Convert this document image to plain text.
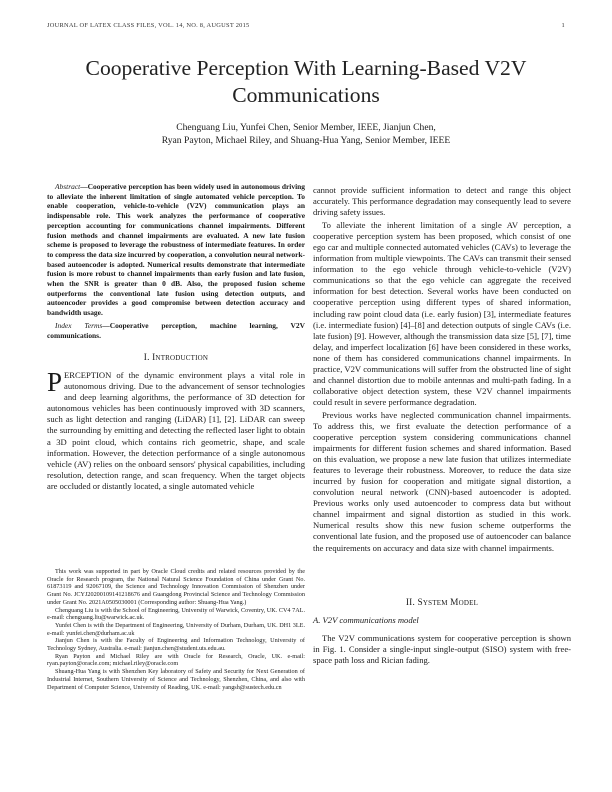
JOURNAL OF LATEX CLASS FILES, VOL. 14, NO. 8, AUGUST 2015	1
Cooperative Perception With Learning-Based V2V Communications
Chenguang Liu, Yunfei Chen, Senior Member, IEEE, Jianjun Chen,
Ryan Payton, Michael Riley, and Shuang-Hua Yang, Senior Member, IEEE

Abstract—Cooperative perception has been widely used in autonomous driving to alleviate the inherent limitation of single automated vehicle perception. To enable cooperation, vehicle-to-vehicle (V2V) communication plays an indispensable role. This work analyzes the performance of cooperative perception accounting for communications channel impairments. Different fusion methods and channel impairments are evaluated. A new late fusion scheme is proposed to leverage the robustness of intermediate features. In order to compress the data size incurred by cooperation, a convolution neural network-based autoencoder is adopted. Numerical results demonstrate that intermediate fusion is more robust to channel impairments than early fusion and late fusion, when the SNR is greater than 0 dB. Also, the proposed fusion scheme outperforms the conventional late fusion using detection outputs, and autoencoder provides a good compromise between detection accuracy and bandwidth usage.

Index Terms—Cooperative perception, machine learning, V2V communications.

I. Introduction

PERCEPTION of the dynamic environment plays a vital role in autonomous driving. Due to the advancement of sensor technologies and deep learning algorithms, the performance of 3D detection for autonomous vehicles has been continuously improved with 3D scanners, such as light detection and ranging (LiDAR) [1], [2]. LiDAR can sweep the surrounding by emitting and detecting the reflected laser light to obtain a 3D point cloud, which contains rich geometric, shape, and scale information. However, the detection performance of a single autonomous vehicle (AV) relies on the onboard sensors' physical capabilities, including resolution, detection range, and scan frequency. When the target objects are occluded or distantly located, a single automated vehicle

This work was supported in part by Oracle Cloud credits and related resources provided by the Oracle for Research program, the National Natural Science Foundation of China under Grant No. 61873119 and 92067109, the Science and Technology Innovation Commission of Shenzhen under Grant No. JCYJ20200109141218676 and Guangdong Provincial Science and Technology Commission under Grant No. 2021A0505030001 (Corresponding author: Shuang-Hua Yang.)

Chenguang Liu is with the School of Engineering, University of Warwick, Coventry, UK. CV4 7AL. e-mail: chenguang.liu@warwick.ac.uk.

Yunfei Chen is with the Department of Engineering, University of Durham, Durham, UK. DH1 3LE. e-mail: yunfei.chen@durham.ac.uk

Jianjun Chen is with the Faculty of Engineering and Information Technology, University of Technology Sydney, Australia. e-mail: jianjun.chen@student.uts.edu.au.

Ryan Payton and Michael Riley are with Oracle for Research, Oracle, UK. e-mail: ryan.payton@oracle.com; michael.riley@oracle.com

Shuang-Hua Yang is with Shenzhen Key laboratory of Safety and Security for Next Generation of Industrial Internet, Southern University of Science and Technology, Shenzhen, China, and also with Department of Computer Science, University of Reading, UK. e-mail: yangsh@sustech.edu.cn

cannot provide sufficient information to detect and range this object accurately. This performance degradation may consequently lead to severe driving safety issues.

To alleviate the inherent limitation of a single AV perception, a cooperative perception system has been proposed, which consist of one ego car and multiple connected automated vehicles (CAVs) to leverage the information from multiple viewpoints. The CAVs can transmit their sensed information to the ego vehicle through vehicle-to-vehicle (V2V) communications so that the ego vehicle can aggregate the received information for best detection. Several works have been conducted on cooperative perception using different types of shared information, including raw point cloud data (i.e. early fusion) [3], intermediate features (i.e. intermediate fusion) [4]–[8] and detection outputs of single CAVs (i.e. late fusion) [9]. However, although the transmission data size [5], [7], time delay, and imperfect localization [6] have been considered in these works, none of them has considered communications channel impairments. In practice, V2V communications will suffer from the obstructed line of sight and channel distortion due to mobile antennas and multi-path fading. In a collaborative object detection system, these V2V channel impairments could result in severe performance degradation.

Previous works have neglected communication channel impairments. To address this, we first evaluate the detection performance of a cooperative perception system considering communications channel impairments for different fusion schemes and shared information. Based on this evaluation, we propose a new late fusion that utilizes intermediate features to leverage their robustness. Moreover, to reduce the data size incurred by fusion for cooperation and mitigate signal distortion, a convolution neural network (CNN)-based autoencoder is adopted. Previous works only used autoencoder to compress data but without channel impairment and signal distortion as studied in this work. Numerical results show this new fusion scheme outperforms the conventional late fusion, and the proposed use of autoencoder can balance the requirements on accuracy and data size with channel impairments.

II. System Model
A. V2V communications model

The V2V communications system for cooperative perception is shown in Fig. 1. Consider a single-input single-output (SISO) system with free-space path loss and Rician fading.
